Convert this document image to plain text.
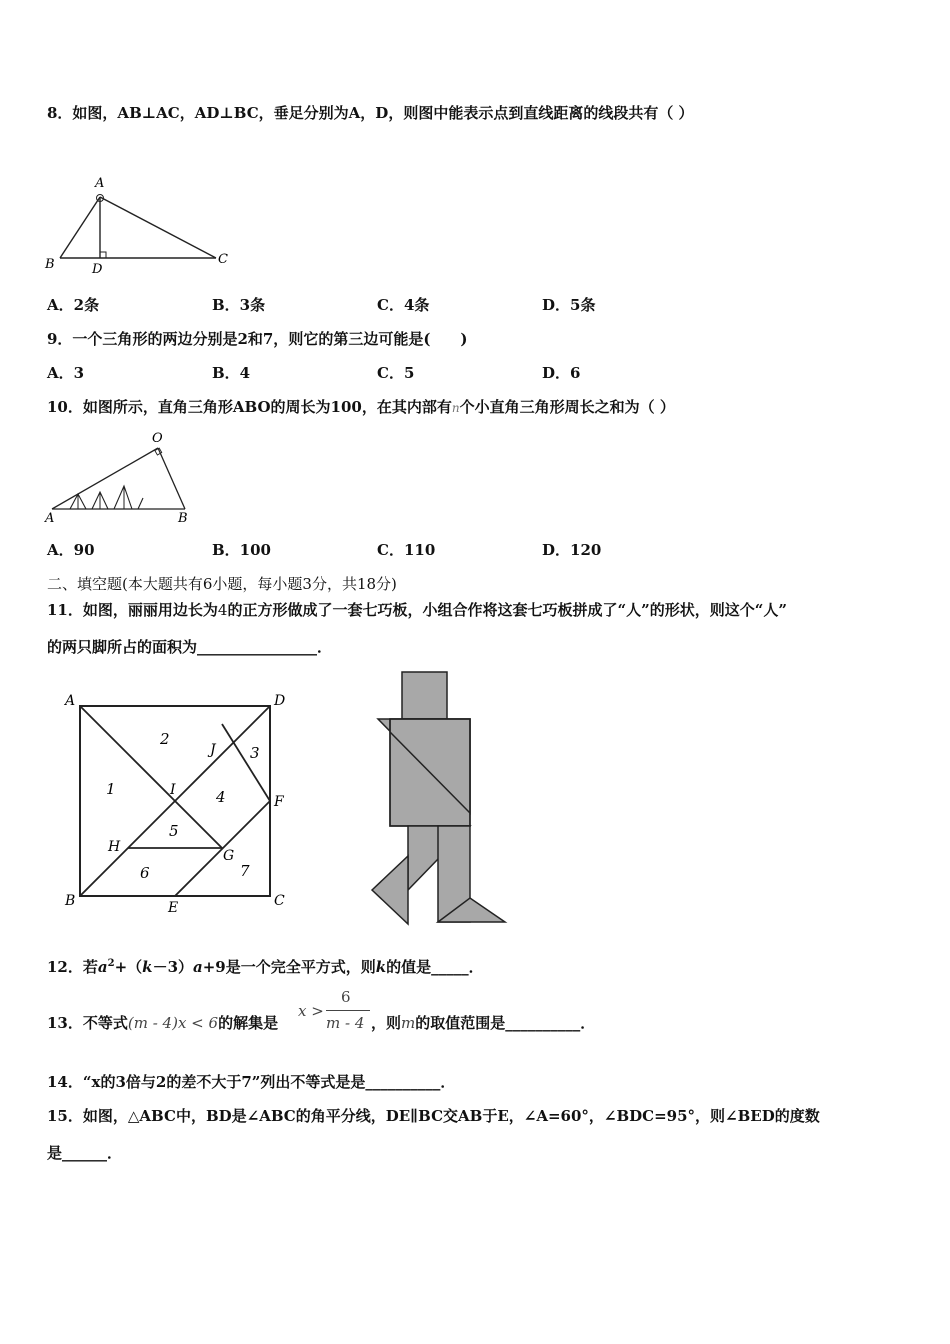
8．如图，AB⊥AC，AD⊥BC，垂足分别为A，D，则图中能表示点到直线距离的线段共有（ ）
A
B	C
D
A．2条	B．3条	C．4条	D．5条
9．一个三角形的两边分别是2和7，则它的第三边可能是(　　)
A．3	B．4	C．5	D．6
10．如图所示，直角三角形ABO的周长为100，在其内部有n个小直角三角形周长之和为（ ）
O
A	B
A．90	B．100	C．110	D．120
二、填空题(本大题共有6小题，每小题3分，共18分)
11．如图，丽丽用边长为4的正方形做成了一套七巧板，小组合作将这套七巧板拼成了“人”的形状，则这个“人”
的两只脚所占的面积为________________．
A	D
B	C
E
F
G
H
I
J
1
2
3
4
5
6	7
12．若$a^2+(k-3)a+9$是一个完全平方式，则k的值是_____．
13．不等式(m - 4)x < 6的解集是
x >
6
m - 4 ，则m的取值范围是__________．
14．“x的3倍与2的差不大于7”列出不等式是是__________．
15．如图，△ABC中，BD是∠ABC的角平分线，DE∥BC交AB于E，∠A=60°，∠BDC=95°，则∠BED的度数
是______．
